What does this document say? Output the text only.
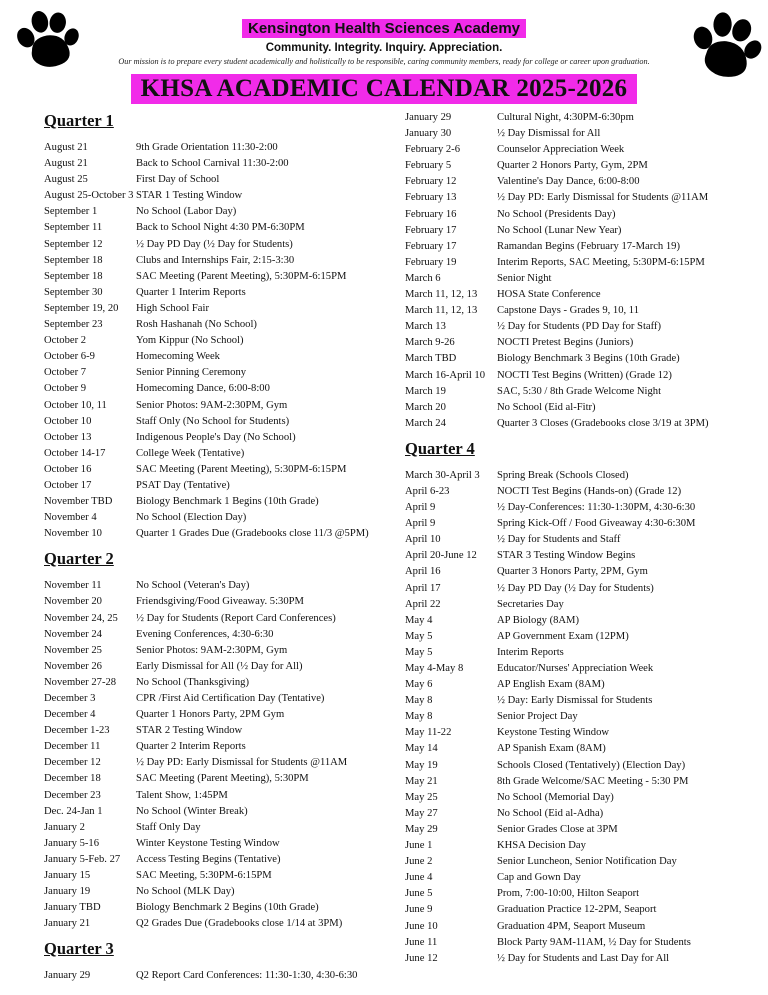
Kensington Health Sciences Academy
Community. Integrity. Inquiry. Appreciation.
Our mission is to prepare every student academically and holistically to be responsible, caring community members, ready for college or career upon graduation.
KHSA ACADEMIC CALENDAR 2025-2026
Quarter 1
August 21	9th Grade Orientation 11:30-2:00
August 21	Back to School Carnival 11:30-2:00
August 25	First Day of School
August 25-October 3 STAR 1 Testing Window
September 1	No School (Labor Day)
September 11	Back to School Night 4:30 PM-6:30PM
September 12	½ Day PD Day (½ Day for Students)
September 18	Clubs and Internships Fair, 2:15-3:30
September 18	SAC Meeting (Parent Meeting), 5:30PM-6:15PM
September 30	Quarter 1 Interim Reports
September 19, 20	High School Fair
September 23	Rosh Hashanah (No School)
October 2	Yom Kippur (No School)
October 6-9	Homecoming Week
October 7	Senior Pinning Ceremony
October 9	Homecoming Dance, 6:00-8:00
October 10, 11	Senior Photos: 9AM-2:30PM, Gym
October 10	Staff Only (No School for Students)
October 13	Indigenous People's Day (No School)
October 14-17	College Week (Tentative)
October 16	SAC Meeting (Parent Meeting), 5:30PM-6:15PM
October 17	PSAT Day (Tentative)
November TBD	Biology Benchmark 1 Begins (10th Grade)
November 4	No School (Election Day)
November 10	Quarter 1 Grades Due (Gradebooks close 11/3 @5PM)
Quarter 2
November 11	No School (Veteran's Day)
November 20	Friendsgiving/Food Giveaway. 5:30PM
November 24, 25	½ Day for Students (Report Card Conferences)
November 24	Evening Conferences, 4:30-6:30
November 25	Senior Photos: 9AM-2:30PM, Gym
November 26	Early Dismissal for All (½ Day for All)
November 27-28	No School (Thanksgiving)
December 3	CPR /First Aid Certification Day (Tentative)
December 4	Quarter 1 Honors Party, 2PM Gym
December 1-23	STAR 2 Testing Window
December 11	Quarter 2 Interim Reports
December 12	½ Day PD: Early Dismissal for Students @11AM
December 18	SAC Meeting (Parent Meeting), 5:30PM
December 23	Talent Show, 1:45PM
Dec. 24-Jan 1	No School (Winter Break)
January 2	Staff Only Day
January 5-16	Winter Keystone Testing Window
January 5-Feb. 27	Access Testing Begins (Tentative)
January 15	SAC Meeting, 5:30PM-6:15PM
January 19	No School (MLK Day)
January TBD	Biology Benchmark 2 Begins (10th Grade)
January 21	Q2 Grades Due (Gradebooks close 1/14 at 3PM)
Quarter 3
January 29	Q2 Report Card Conferences: 11:30-1:30, 4:30-6:30
January 29	Cultural Night, 4:30PM-6:30pm
January 30	½ Day Dismissal for All
February 2-6	Counselor Appreciation Week
February 5	Quarter 2 Honors Party, Gym, 2PM
February 12	Valentine's Day Dance, 6:00-8:00
February 13	½ Day PD: Early Dismissal for Students @11AM
February 16	No School (Presidents Day)
February 17	No School (Lunar New Year)
February 17	Ramandan Begins (February 17-March 19)
February 19	Interim Reports, SAC Meeting, 5:30PM-6:15PM
March 6	Senior Night
March 11, 12, 13	HOSA State Conference
March 11, 12, 13	Capstone Days - Grades 9, 10, 11
March 13	½ Day for Students (PD Day for Staff)
March 9-26	NOCTI Pretest Begins (Juniors)
March TBD	Biology Benchmark 3 Begins (10th Grade)
March 16-April 10	NOCTI Test Begins (Written) (Grade 12)
March 19	SAC, 5:30 / 8th Grade Welcome Night
March 20	No School (Eid al-Fitr)
March 24	Quarter 3 Closes (Gradebooks close 3/19 at 3PM)
Quarter 4
March 30-April 3	Spring Break (Schools Closed)
April 6-23	NOCTI Test Begins (Hands-on) (Grade 12)
April 9	½ Day-Conferences: 11:30-1:30PM, 4:30-6:30
April 9	Spring Kick-Off / Food Giveaway 4:30-6:30M
April 10	½ Day for Students and Staff
April 20-June 12	STAR 3 Testing Window Begins
April 16	Quarter 3 Honors Party, 2PM, Gym
April 17	½ Day PD Day (½ Day for Students)
April 22	Secretaries Day
May 4	AP Biology (8AM)
May 5	AP Government Exam (12PM)
May 5	Interim Reports
May 4-May 8	Educator/Nurses' Appreciation Week
May 6	AP English Exam (8AM)
May 8	½ Day: Early Dismissal for Students
May 8	Senior Project Day
May 11-22	Keystone Testing Window
May 14	AP Spanish Exam (8AM)
May 19	Schools Closed (Tentatively) (Election Day)
May 21	8th Grade Welcome/SAC Meeting - 5:30 PM
May 25	No School (Memorial Day)
May 27	No School (Eid al-Adha)
May 29	Senior Grades Close at 3PM
June 1	KHSA Decision Day
June 2	Senior Luncheon, Senior Notification Day
June 4	Cap and Gown Day
June 5	Prom, 7:00-10:00, Hilton Seaport
June 9	Graduation Practice 12-2PM, Seaport
June 10	Graduation 4PM, Seaport Museum
June 11	Block Party 9AM-11AM, ½ Day for Students
June 12	½ Day for Students and Last Day for All
